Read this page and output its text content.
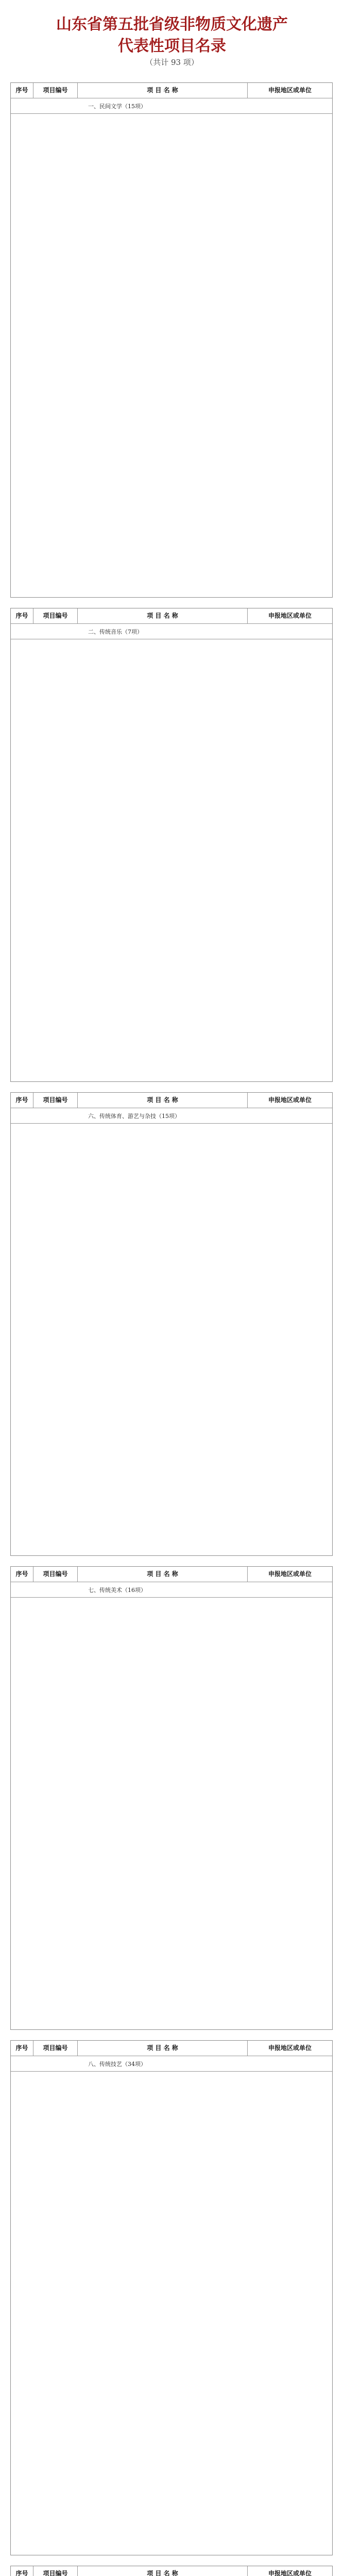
山东省第五批省级非物质文化遗产
代表性项目名录
（共计 93 项）
序号	项目编号	项 目 名 称	申报地区或单位
一、民间文学（15项）
序号	项目编号	项 目 名 称	申报地区或单位
二、传统音乐（7项）
序号	项目编号	项 目 名 称	申报地区或单位
六、传统体育、游艺与杂技（15项）
序号	项目编号	项 目 名 称	申报地区或单位
七、传统美术（16项）
序号	项目编号	项 目 名 称	申报地区或单位
八、传统技艺（34项）
序号	项目编号	项 目 名 称	申报地区或单位
